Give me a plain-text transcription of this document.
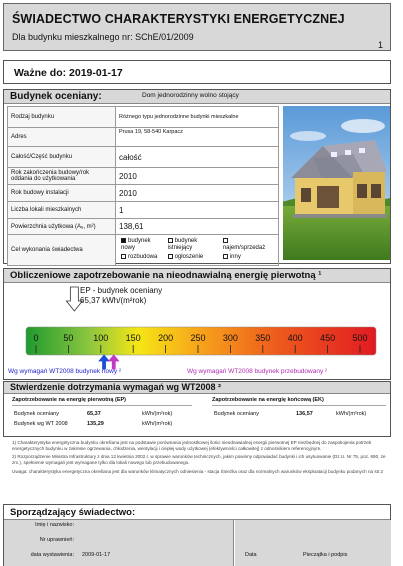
ŚWIADECTWO CHARAKTERYSTYKI ENERGETYCZNEJ
Dla budynku mieszkalnego nr: SChE/01/2009
1
Ważne do: 2019-01-17
Budynek oceniany:	Dom jednorodzinny wolno stojący
Rodzaj budynku	Różnego typu jednorodzinne budynki mieszkalne
Adres	Prusa 19, 58-540 Karpacz
Całość/Część budynku	całość
Rok zakończenia budowy/rok oddania do użytkowania	2010
Rok budowy instalacji	2010
Liczba lokali mieszkalnych	1
Powierzchnia użytkowa (Aᵤ, m²)	138,61
Cel wykonania świadectwa	
budynek nowy	budynek istniejący	najem/sprzedaż
rozbudowa	ogłoszenie	inny
Obliczeniowe zapotrzebowanie na nieodnawialną energię pierwotną ¹
0	50 100 150 200 250 300 350 400 450 500
EP - budynek oceniany
65,37 kWh/(m²rok)
Wg wymagań WT2008 budynek nowy ²	Wg wymagań WT2008 budynek przebudowany ²
Stwierdzenie dotrzymania wymagań wg WT2008 ²
Zapotrzebowanie na energię pierwotną (EP)
Budynek oceniany	65,37	kWh/(m²rok)
Budynek wg WT 2008	135,29	kWh/(m²rok)
Zapotrzebowanie na energię końcową (EK)
Budynek oceniany	136,57	kWh/(m²rok)

1) Charakterystyka energetyczna budynku określana jest na podstawie porównania jednostkowej ilości nieodnawialnej energii pierwotnej EP niezbędnej do zaspokojenia potrzeb energetycznych budynku w zakresie ogrzewania, chłodzenia, wentylacji i ciepłej wody użytkowej (efektywności całkowitej) z odnośnikiem referencyjnym.

2) Rozporządzenie Ministra Infrastruktury z dnia 12 kwietnia 2002 r. w sprawie warunków technicznych, jakim powinny odpowiadać budynki i ich usytuowanie (Dz.U. Nr 75, poz. 690, ze zm.), spełnienie wymagań jest wymagane tylko dla lokali nowego lub przebudowanego.

Uwaga: charakterystyka energetyczna określana jest dla warunków klimatycznych odniesienia - stacja Śnieżka oraz dla normalnych warunków eksploatacji budynku podanych na str.2

Sporządzający świadectwo:
Imię i nazwisko:
Nr uprawnień:
data wystawienia: 2009-01-17	Data	Pieczątka i podpis
